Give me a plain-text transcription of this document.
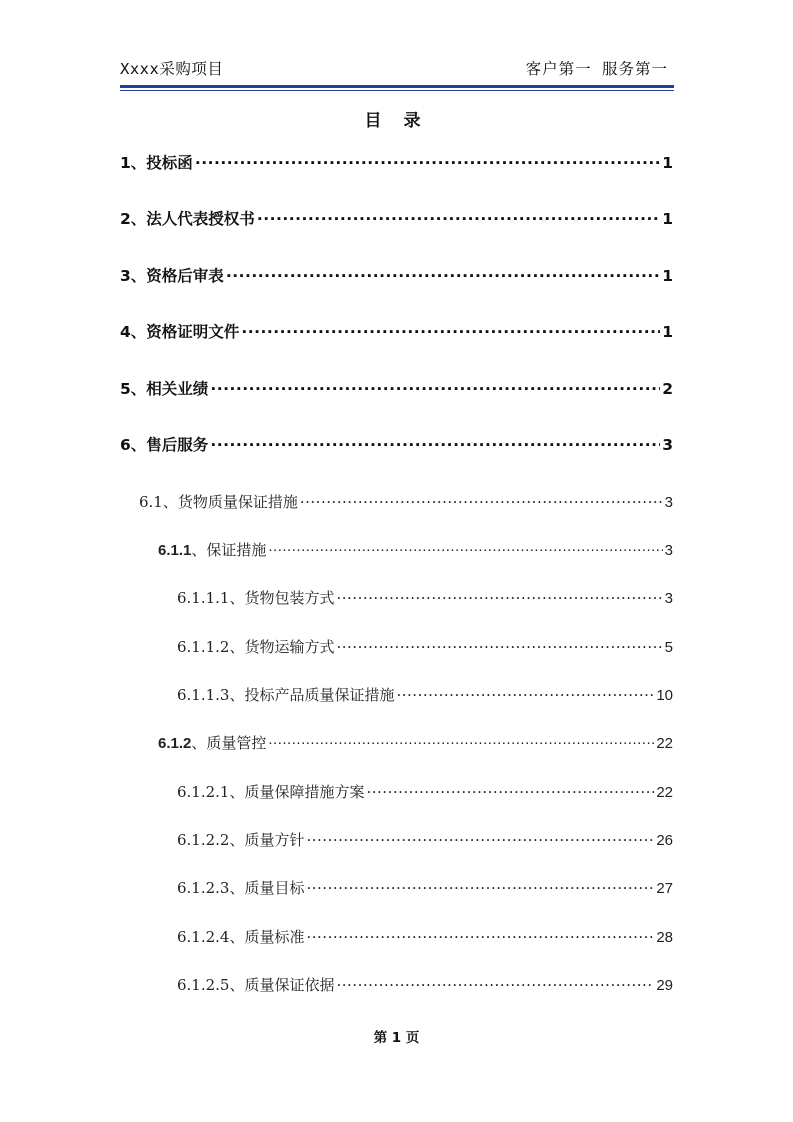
Xxxx采购项目	客户第一 服务第一
目 录
1、 投标函 .....	1
2、 法人代表授权书 .....	1
3、 资格后审表 .....	1
4、 资格证明文件 .....	1
5、 相关业绩 .....	2
6、 售后服务 .....	3
6.1、 货物质量保证措施 .....	3
6.1.1 、保证措施 .....	3
6.1.1.1、 货物包装方式 .....	3
6.1.1.2、 货物运输方式 .....	5
6.1.1.3、 投标产品质量保证措施 .....	10
6.1.2 、质量管控 .....	22
6.1.2.1、 质量保障措施方案 .....	22
6.1.2.2、 质量方针 .....	26
6.1.2.3、 质量目标 .....	27
6.1.2.4、 质量标准 .....	28
6.1.2.5、 质量保证依据 .....	29
第 1 页
